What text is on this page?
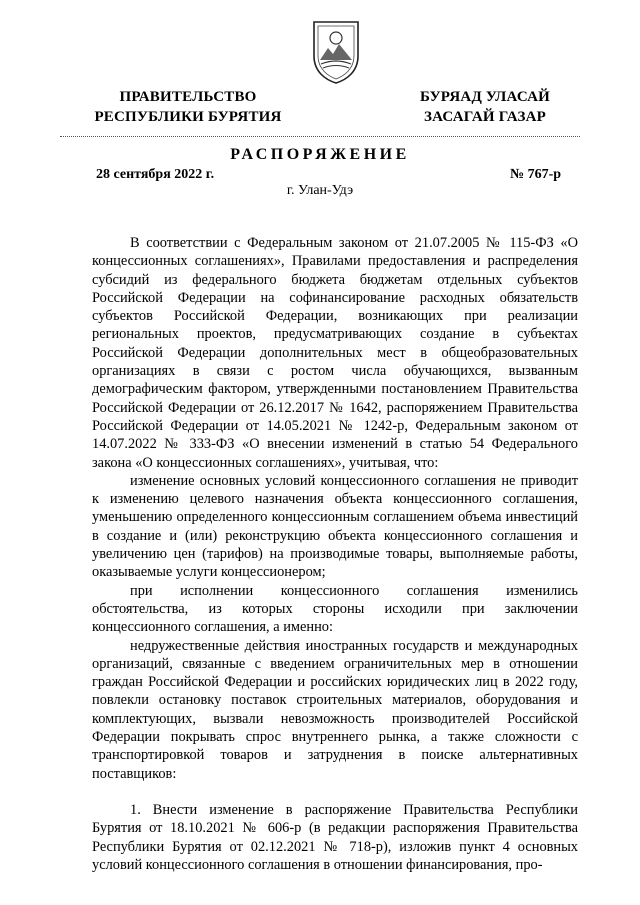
ПРАВИТЕЛЬСТВО
РЕСПУБЛИКИ БУРЯТИЯ
БУРЯАД УЛАСАЙ
ЗАСАГАЙ ГАЗАР
РАСПОРЯЖЕНИЕ
28 сентября 2022 г.	№ 767-р
г. Улан-Удэ

В соответствии с Федеральным законом от 21.07.2005 № 115-ФЗ «О концессионных соглашениях», Правилами предоставления и распределения субсидий из федерального бюджета бюджетам отдельных субъектов Российской Федерации на софинансирование расходных обязательств субъектов Российской Федерации, возникающих при реализации региональных проектов, предусматривающих создание в субъектах Российской Федерации дополнительных мест в общеобразовательных организациях в связи с ростом числа обучающихся, вызванным демографическим фактором, утвержденными постановлением Правительства Российской Федерации от 26.12.2017 № 1642, распоряжением Правительства Российской Федерации от 14.05.2021 № 1242-р, Федеральным законом от 14.07.2022 № 333-ФЗ «О внесении изменений в статью 54 Федерального закона «О концессионных соглашениях», учитывая, что:

изменение основных условий концессионного соглашения не приводит к изменению целевого назначения объекта концессионного соглашения, уменьшению определенного концессионным соглашением объема инвестиций в создание и (или) реконструкцию объекта концессионного соглашения и увеличению цен (тарифов) на производимые товары, выполняемые работы, оказываемые услуги концессионером;

при исполнении концессионного соглашения изменились обстоятельства, из которых стороны исходили при заключении концессионного соглашения, а именно:

недружественные действия иностранных государств и международных организаций, связанные с введением ограничительных мер в отношении граждан Российской Федерации и российских юридических лиц в 2022 году, повлекли остановку поставок строительных материалов, оборудования и комплектующих, вызвали невозможность производителей Российской Федерации покрывать спрос внутреннего рынка, а также сложности с транспортировкой товаров и затруднения в поиске альтернативных поставщиков:

1. Внести изменение в распоряжение Правительства Республики Бурятия от 18.10.2021 № 606-р (в редакции распоряжения Правительства Республики Бурятия от 02.12.2021 № 718-р), изложив пункт 4 основных условий концессионного соглашения в отношении финансирования, про-
